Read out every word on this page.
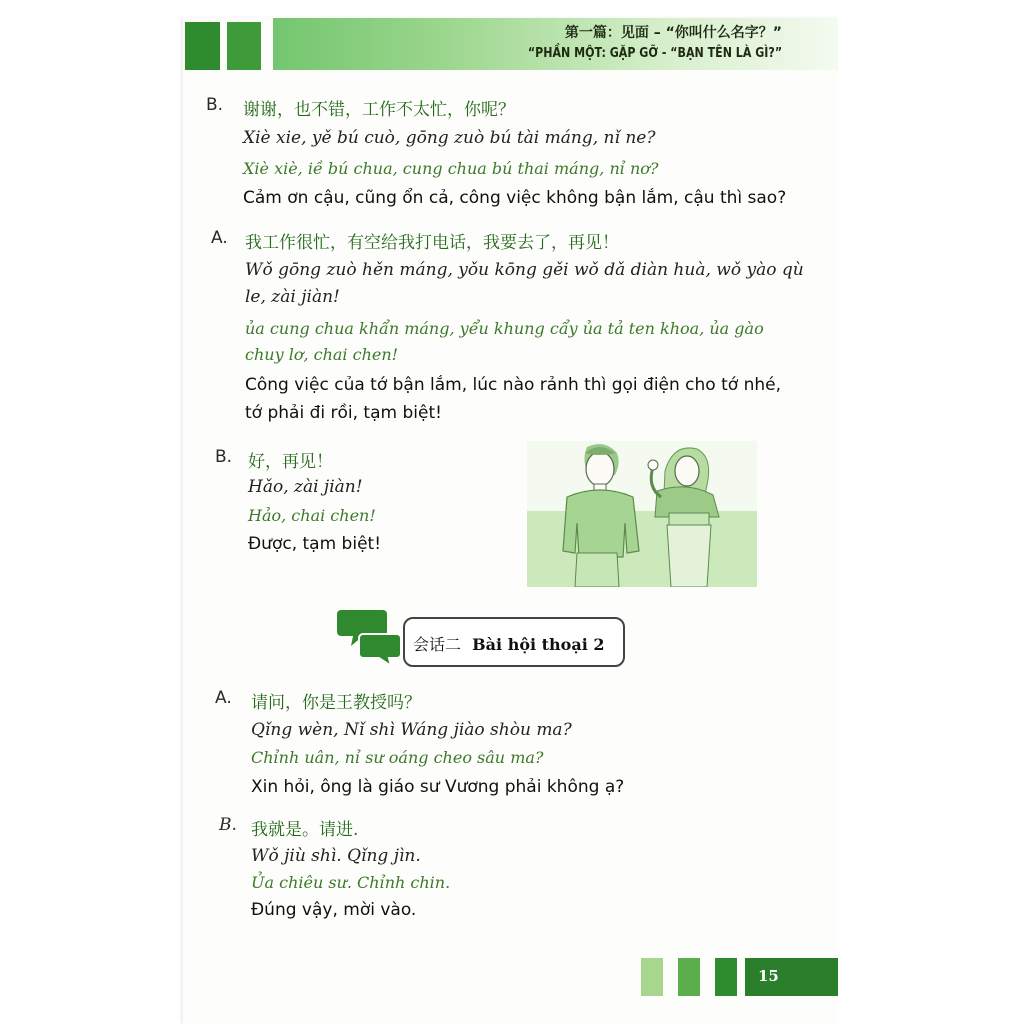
第一篇：见面 – “你叫什么名字？”
“PHẦN MỘT: GẶP GỠ - “BẠN TÊN LÀ GÌ?”
B. 谢谢，也不错，工作不太忙，你呢？
Xiè xie, yě bú cuò, gōng zuò bú tài máng, nǐ ne?
Xiè xiè, iề bú chua, cung chua bú thai máng, nỉ nơ?
Cảm ơn cậu, cũng ổn cả, công việc không bận lắm, cậu thì sao?
A. 我工作很忙，有空给我打电话，我要去了，再见！
Wǒ gōng zuò hěn máng, yǒu kōng gěi wǒ dǎ diàn huà, wǒ yào qù
le, zài jiàn!
ủa cung chua khẩn máng, yểu khung cẩy ủa tả ten khoa, ủa gào
chuy lơ, chai chen!
Công việc của tớ bận lắm, lúc nào rảnh thì gọi điện cho tớ nhé,
tớ phải đi rồi, tạm biệt!
B. 好，再见！
Hǎo, zài jiàn!
Hảo, chai chen!
Được, tạm biệt!
会话二 Bài hội thoại 2
A. 请问，你是王教授吗？
Qǐng wèn, Nǐ shì Wáng jiào shòu ma?
Chỉnh uân, nỉ sư oáng cheo sâu ma?
Xin hỏi, ông là giáo sư Vương phải không ạ?
B. 我就是。请进.
Wǒ jiù shì. Qǐng jìn.
Ủa chiêu sư. Chỉnh chin.
Đúng vậy, mời vào.
15
